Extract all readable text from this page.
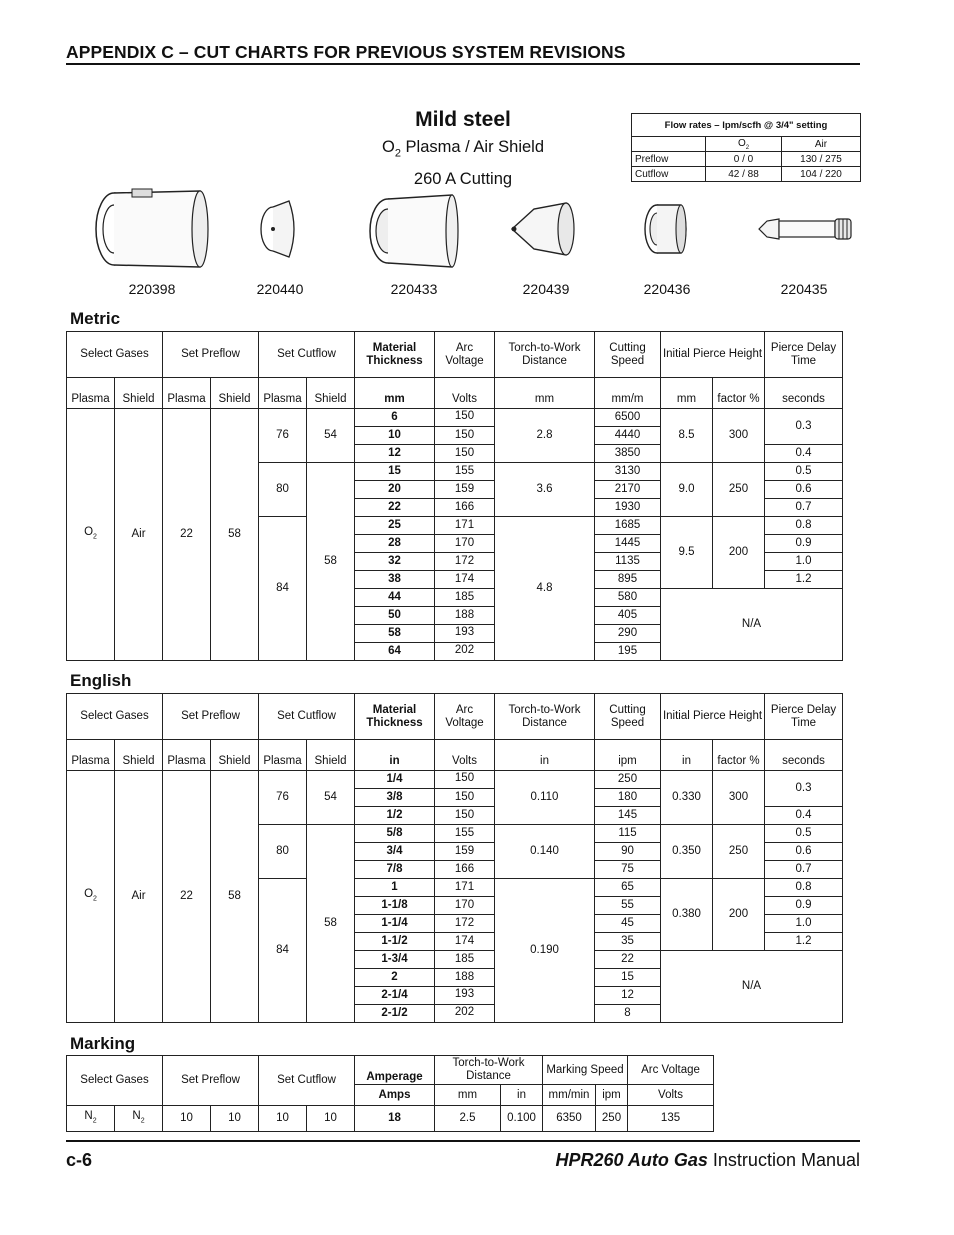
APPENDIX C – CUT CHARTS FOR PREVIOUS SYSTEM REVISIONS
Mild steel
$O_2$ Plasma / Air Shield
260 A Cutting
Flow rates – lpm/scfh @ 3/4" setting		
	$O_2$	Air
Preflow	0 / 0	130 / 275
Cutflow	42 / 88	104 / 220
220398	220440	220433	220439	220436	220435
Metric
Select Gases		Set Preflow		Set Cutflow		Material Thickness	Arc Voltage	Torch-to-Work Distance	Cutting Speed	Initial Pierce Height		Pierce Delay Time
Plasma	Shield	Plasma	Shield	Plasma	Shield	mm	Volts	mm	mm/m	mm	factor %	seconds
$O_2$	Air	22	58	76	54	6	150	2.8	6500	8.5	300	0.3
						10	150		4440			
						12	150		3850			0.4
				80	58	15	155	3.6	3130	9.0	250	0.5
						20	159		2170			0.6
						22	166		1930			0.7
				84		25	171	4.8	1685	9.5	200	0.8
						28	170		1445			0.9
						32	172		1135			1.0
						38	174		895			1.2
						44	185		580	N/A		
						50	188		405			
						58	193		290			
						64	202		195			
English
Select Gases		Set Preflow		Set Cutflow		Material Thickness	Arc Voltage	Torch-to-Work Distance	Cutting Speed	Initial Pierce Height		Pierce Delay Time
Plasma	Shield	Plasma	Shield	Plasma	Shield	in	Volts	in	ipm	in	factor %	seconds
$O_2$	Air	22	58	76	54	1/4	150	0.110	250	0.330	300	0.3
						3/8	150		180			
						1/2	150		145			0.4
				80	58	5/8	155	0.140	115	0.350	250	0.5
						3/4	159		90			0.6
						7/8	166		75			0.7
				84		1	171	0.190	65	0.380	200	0.8
						1-1/8	170		55			0.9
						1-1/4	172		45			1.0
						1-1/2	174		35			1.2
						1-3/4	185		22	N/A		
						2	188		15			
						2-1/4	193		12			
						2-1/2	202		8			
Marking
Select Gases		Set Preflow		Set Cutflow		Amperage	Torch-to-Work Distance		Marking Speed		Arc Voltage
						Amps	mm	in	mm/min	ipm	Volts
$N_2$	$N_2$	10	10	10	10	18	2.5	0.100	6350	250	135
c-6	HPR260 Auto Gas Instruction Manual
